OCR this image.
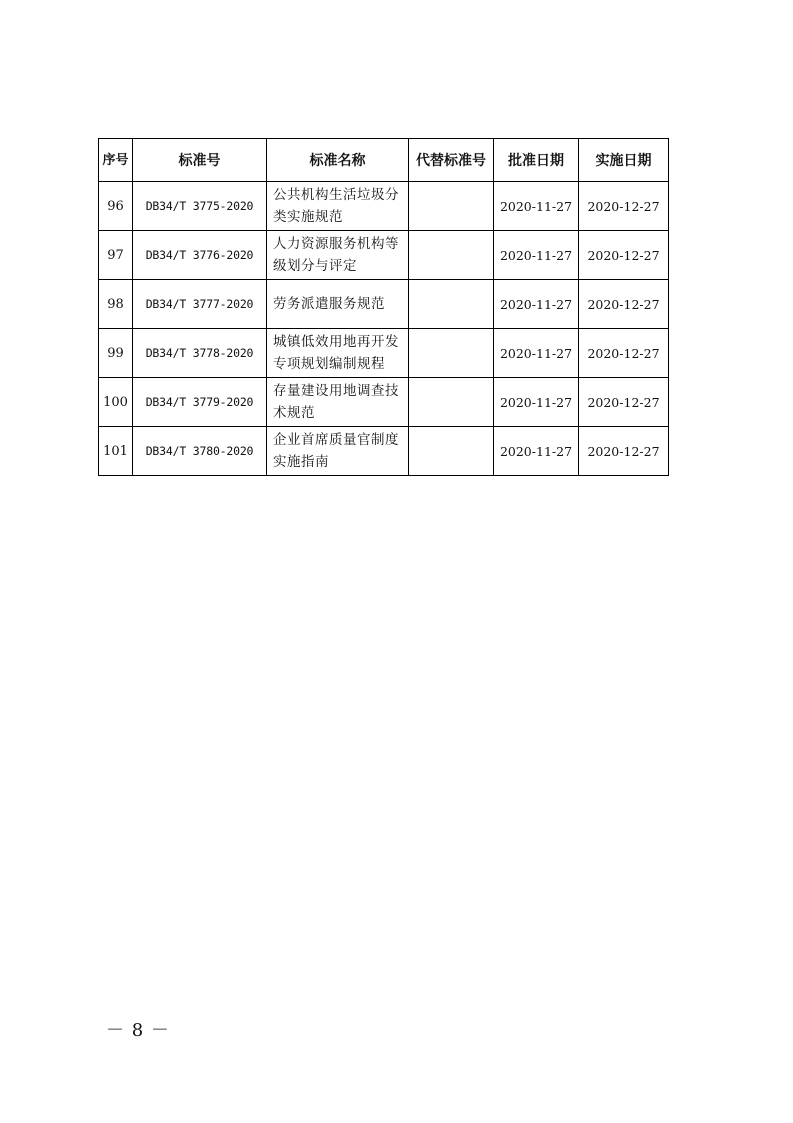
序号	标准号	标准名称	代替标准号	批准日期	实施日期
96	DB34/T 3775-2020	公共机构生活垃圾分类实施规范		2020-11-27	2020-12-27
97	DB34/T 3776-2020	人力资源服务机构等级划分与评定		2020-11-27	2020-12-27
98	DB34/T 3777-2020	劳务派遣服务规范		2020-11-27	2020-12-27
99	DB34/T 3778-2020	城镇低效用地再开发专项规划编制规程		2020-11-27	2020-12-27
100	DB34/T 3779-2020	存量建设用地调查技术规范		2020-11-27	2020-12-27
101	DB34/T 3780-2020	企业首席质量官制度实施指南		2020-11-27	2020-12-27
－ 8 －
